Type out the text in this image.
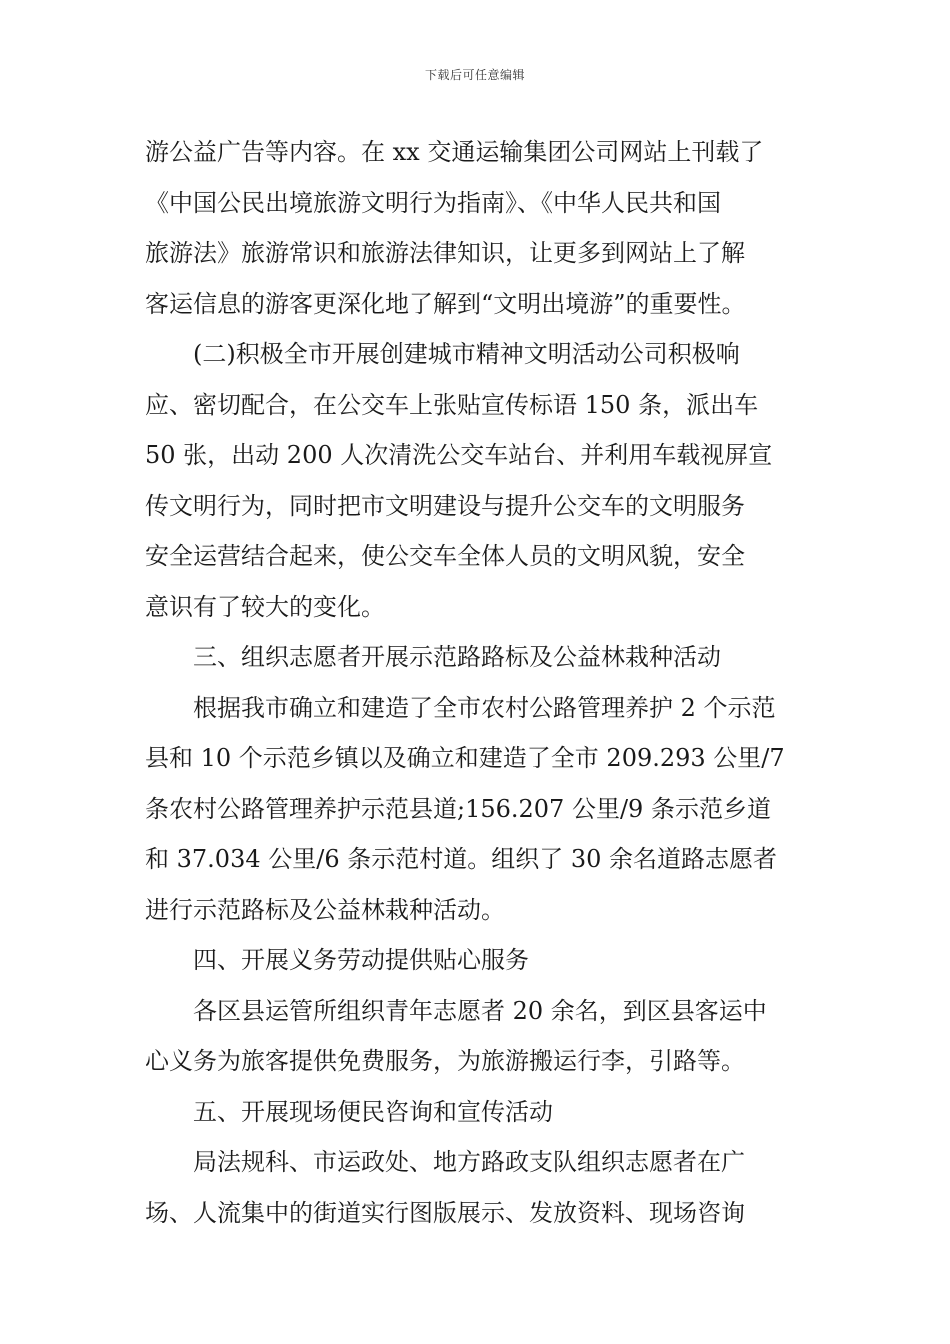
下载后可任意编辑
游公益广告等内容。在 xx 交通运输集团公司网站上刊载了
《中国公民出境旅游文明行为指南》、《中华人民共和国
旅游法》旅游常识和旅游法律知识，让更多到网站上了解
客运信息的游客更深化地了解到“文明出境游”的重要性。
(二)积极全市开展创建城市精神文明活动公司积极响
应、密切配合，在公交车上张贴宣传标语 150 条，派出车
50 张，出动 200 人次清洗公交车站台、并利用车载视屏宣
传文明行为，同时把市文明建设与提升公交车的文明服务
安全运营结合起来，使公交车全体人员的文明风貌，安全
意识有了较大的变化。
三、组织志愿者开展示范路路标及公益林栽种活动
根据我市确立和建造了全市农村公路管理养护 2 个示范
县和 10 个示范乡镇以及确立和建造了全市 209.293 公里/7
条农村公路管理养护示范县道;156.207 公里/9 条示范乡道
和 37.034 公里/6 条示范村道。组织了 30 余名道路志愿者
进行示范路标及公益林栽种活动。
四、开展义务劳动提供贴心服务
各区县运管所组织青年志愿者 20 余名，到区县客运中
心义务为旅客提供免费服务，为旅游搬运行李，引路等。
五、开展现场便民咨询和宣传活动
局法规科、市运政处、地方路政支队组织志愿者在广
场、人流集中的街道实行图版展示、发放资料、现场咨询
